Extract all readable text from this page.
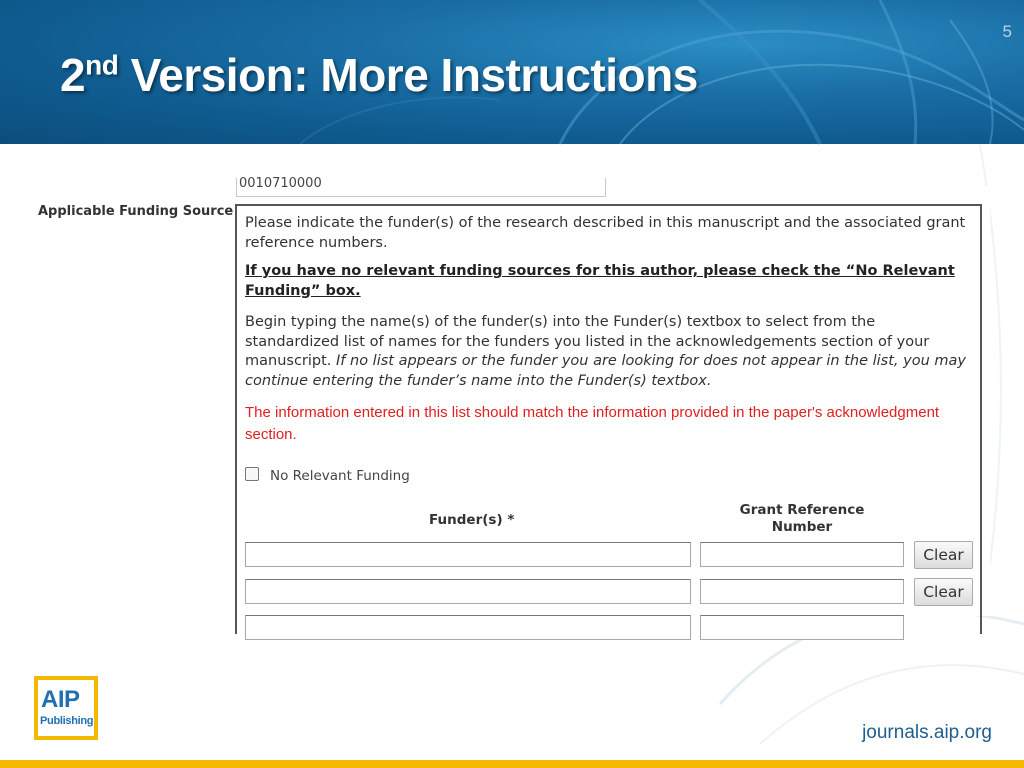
2nd Version: More Instructions
5
0010710000
Applicable Funding Source
Please indicate the funder(s) of the research described in this manuscript and the associated grant reference numbers.
If you have no relevant funding sources for this author, please check the “No Relevant Funding” box.
Begin typing the name(s) of the funder(s) into the Funder(s) textbox to select from the standardized list of names for the funders you listed in the acknowledgements section of your manuscript. If no list appears or the funder you are looking for does not appear in the list, you may continue entering the funder’s name into the Funder(s) textbox.
The information entered in this list should match the information provided in the paper's acknowledgment section.
No Relevant Funding
Funder(s) *
Grant Reference Number
Clear
Clear
AIP
Publishing
journals.aip.org
